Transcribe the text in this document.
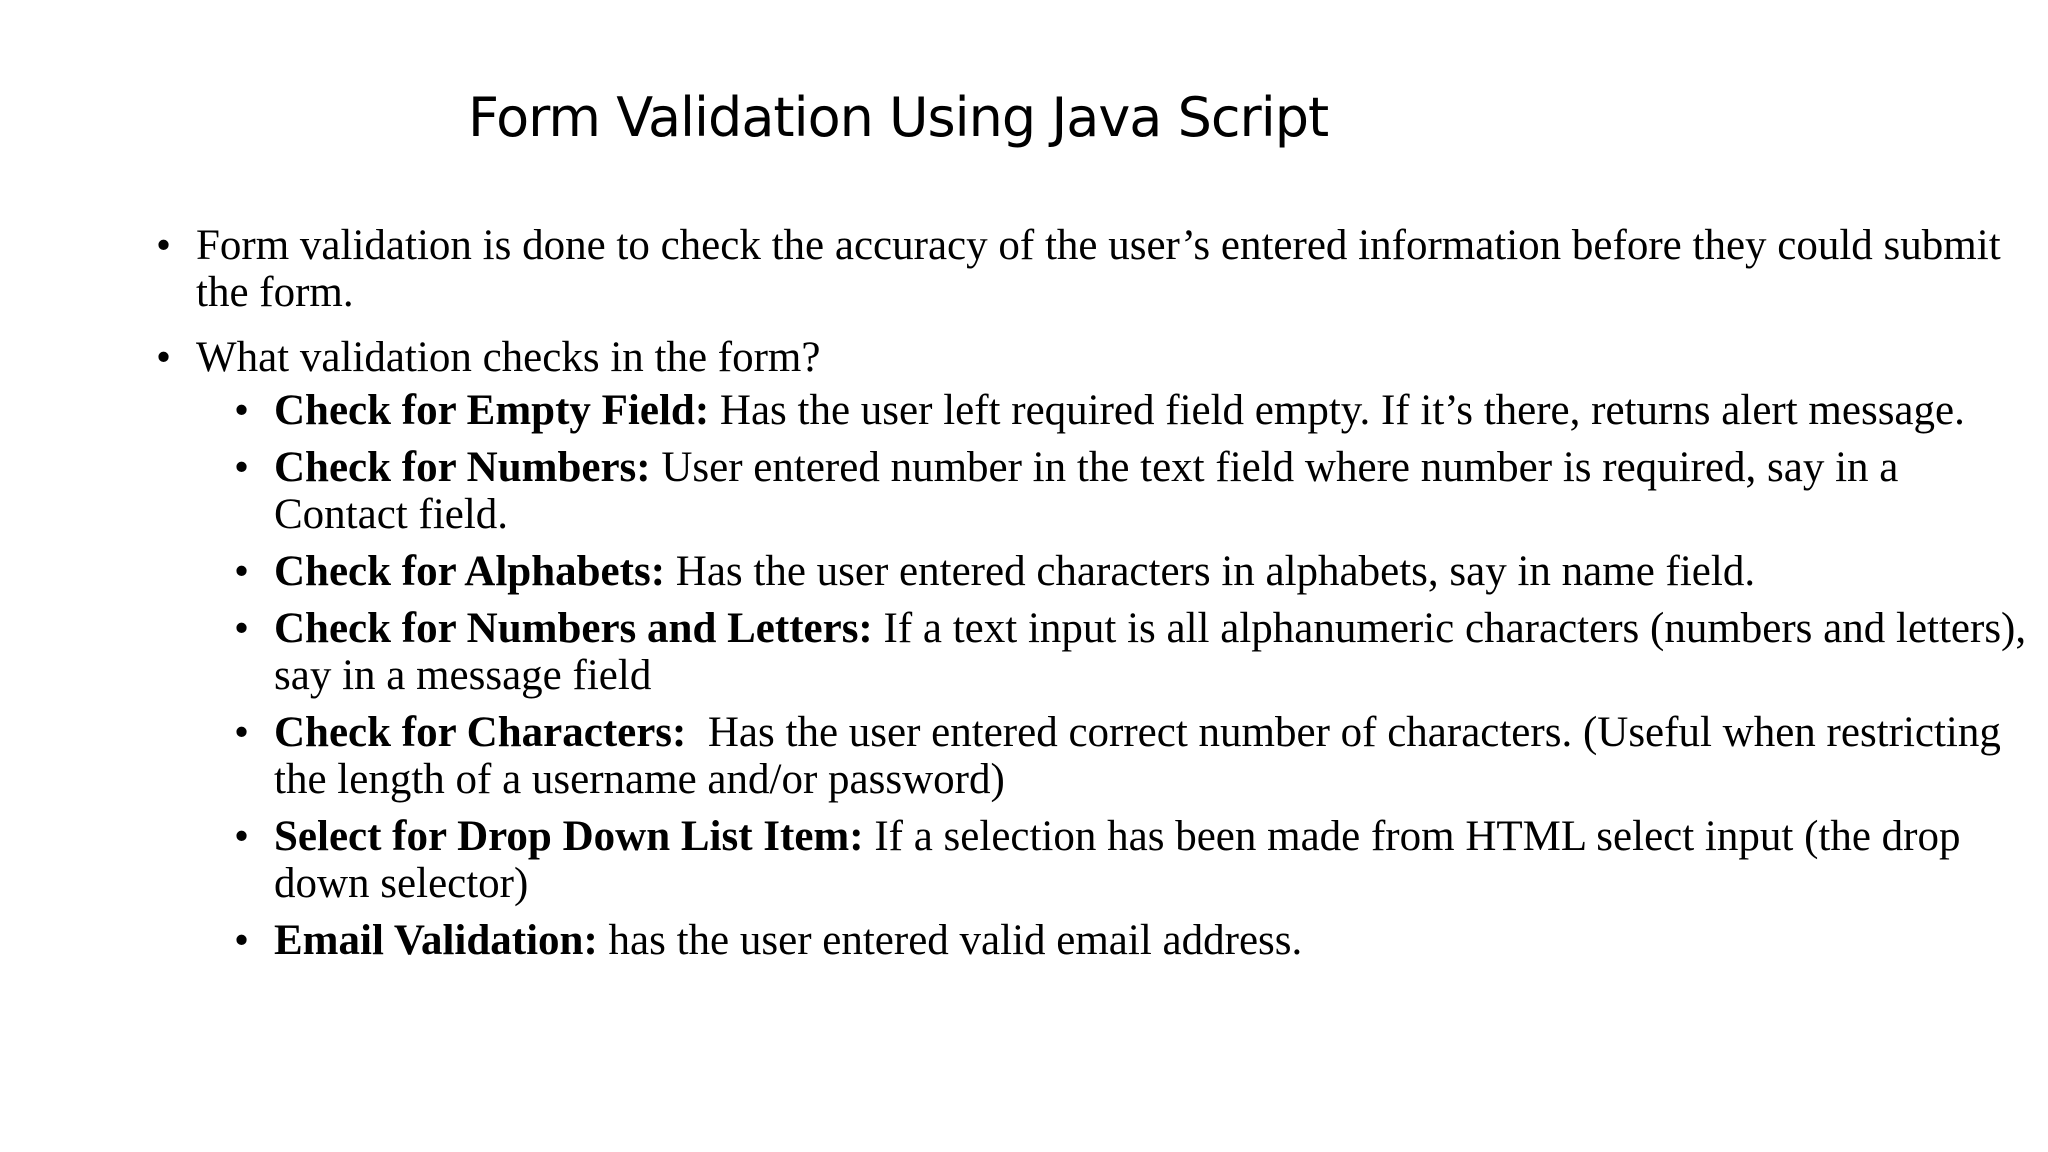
Form Validation Using Java Script

• Form validation is done to check the accuracy of the user’s entered information before they could submit the form.

• What validation checks in the form?

• Check for Empty Field: Has the user left required field empty. If it’s there, returns alert message.

• Check for Numbers: User entered number in the text field where number is required, say in a Contact field.

• Check for Alphabets: Has the user entered characters in alphabets, say in name field.

• Check for Numbers and Letters: If a text input is all alphanumeric characters (numbers and letters), say in a message field

• Check for Characters:  Has the user entered correct number of characters. (Useful when restricting the length of a username and/or password)

• Select for Drop Down List Item: If a selection has been made from HTML select input (the drop down selector)

• Email Validation: has the user entered valid email address.
